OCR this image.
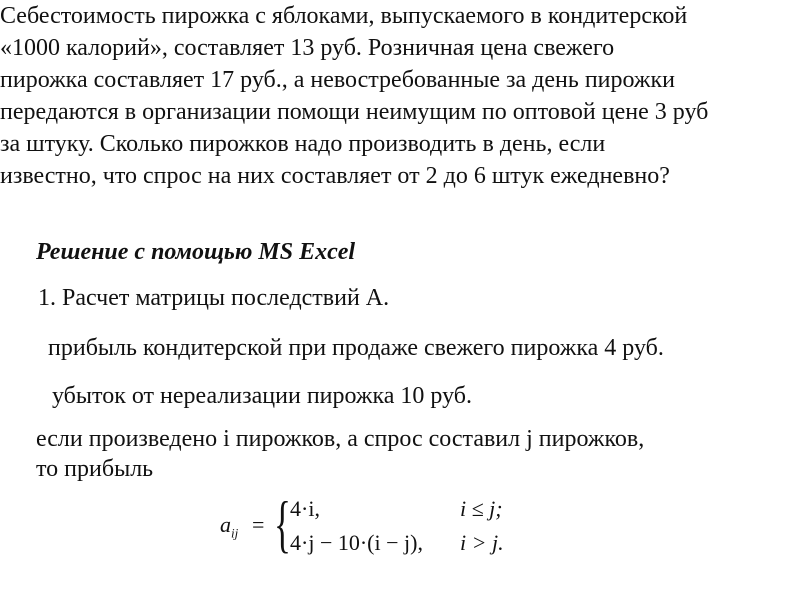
Себестоимость пирожка с яблоками, выпускаемого в кондитерской

«1000 калорий», составляет 13 руб. Розничная цена свежего

пирожка составляет 17 руб., а невостребованные за день пирожки

передаются в организации помощи неимущим по оптовой цене 3 руб

за штуку. Сколько пирожков надо производить в день, если

известно, что спрос на них составляет от 2 до 6 штук ежедневно?

Решение с помощью MS Excel
1. Расчет матрицы последствий А.
прибыль кондитерской при продаже свежего пирожка 4 руб.
убыток от нереализации пирожка 10 руб.
если произведено i пирожков, а спрос составил j пирожков,
то прибыль
$a_{ij}$ = { 4·i,	i ≤ j;
4·j − 10·(i − j), i > j.
